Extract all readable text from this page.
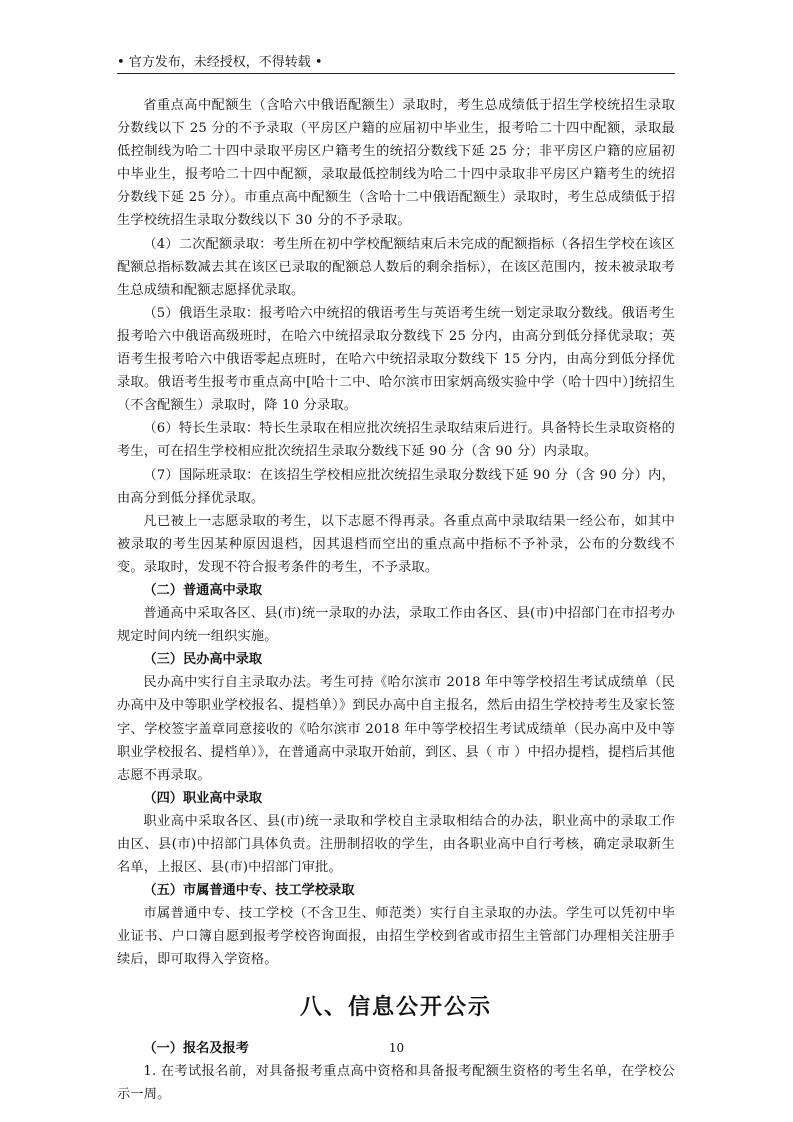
• 官方发布，未经授权，不得转载 •

省重点高中配额生（含哈六中俄语配额生）录取时，考生总成绩低于招生学校统招生录取分数线以下 25 分的不予录取（平房区户籍的应届初中毕业生，报考哈二十四中配额，录取最低控制线为哈二十四中录取平房区户籍考生的统招分数线下延 25 分；非平房区户籍的应届初中毕业生，报考哈二十四中配额，录取最低控制线为哈二十四中录取非平房区户籍考生的统招分数线下延 25 分）。市重点高中配额生（含哈十二中俄语配额生）录取时，考生总成绩低于招生学校统招生录取分数线以下 30 分的不予录取。

（4）二次配额录取：考生所在初中学校配额结束后未完成的配额指标（各招生学校在该区配额总指标数减去其在该区已录取的配额总人数后的剩余指标），在该区范围内，按未被录取考生总成绩和配额志愿择优录取。

（5）俄语生录取：报考哈六中统招的俄语考生与英语考生统一划定录取分数线。俄语考生报考哈六中俄语高级班时，在哈六中统招录取分数线下 25 分内，由高分到低分择优录取；英语考生报考哈六中俄语零起点班时，在哈六中统招录取分数线下 15 分内，由高分到低分择优录取。俄语考生报考市重点高中[哈十二中、哈尔滨市田家炳高级实验中学（哈十四中）]统招生（不含配额生）录取时，降 10 分录取。

（6）特长生录取：特长生录取在相应批次统招生录取结束后进行。具备特长生录取资格的考生，可在招生学校相应批次统招生录取分数线下延 90 分（含 90 分）内录取。

（7）国际班录取：在该招生学校相应批次统招生录取分数线下延 90 分（含 90 分）内，由高分到低分择优录取。

凡已被上一志愿录取的考生，以下志愿不得再录。各重点高中录取结果一经公布，如其中被录取的考生因某种原因退档，因其退档而空出的重点高中指标不予补录，公布的分数线不变。录取时，发现不符合报考条件的考生，不予录取。

（二）普通高中录取

普通高中采取各区、县(市)统一录取的办法，录取工作由各区、县(市)中招部门在市招考办规定时间内统一组织实施。

（三）民办高中录取

民办高中实行自主录取办法。考生可持《哈尔滨市 2018 年中等学校招生考试成绩单（民办高中及中等职业学校报名、提档单）》到民办高中自主报名，然后由招生学校持考生及家长签字、学校签字盖章同意接收的《哈尔滨市 2018 年中等学校招生考试成绩单（民办高中及中等职业学校报名、提档单）》，在普通高中录取开始前，到区、县（ 市 ）中招办提档，提档后其他志愿不再录取。

（四）职业高中录取

职业高中采取各区、县(市)统一录取和学校自主录取相结合的办法，职业高中的录取工作由区、县(市)中招部门具体负责。注册制招收的学生，由各职业高中自行考核，确定录取新生名单，上报区、县(市)中招部门审批。

（五）市属普通中专、技工学校录取

市属普通中专、技工学校（不含卫生、师范类）实行自主录取的办法。学生可以凭初中毕业证书、户口簿自愿到报考学校咨询面报，由招生学校到省或市招生主管部门办理相关注册手续后，即可取得入学资格。

八、信息公开公示

（一）报名及报考

1. 在考试报名前，对具备报考重点高中资格和具备报考配额生资格的考生名单，在学校公示一周。

10
